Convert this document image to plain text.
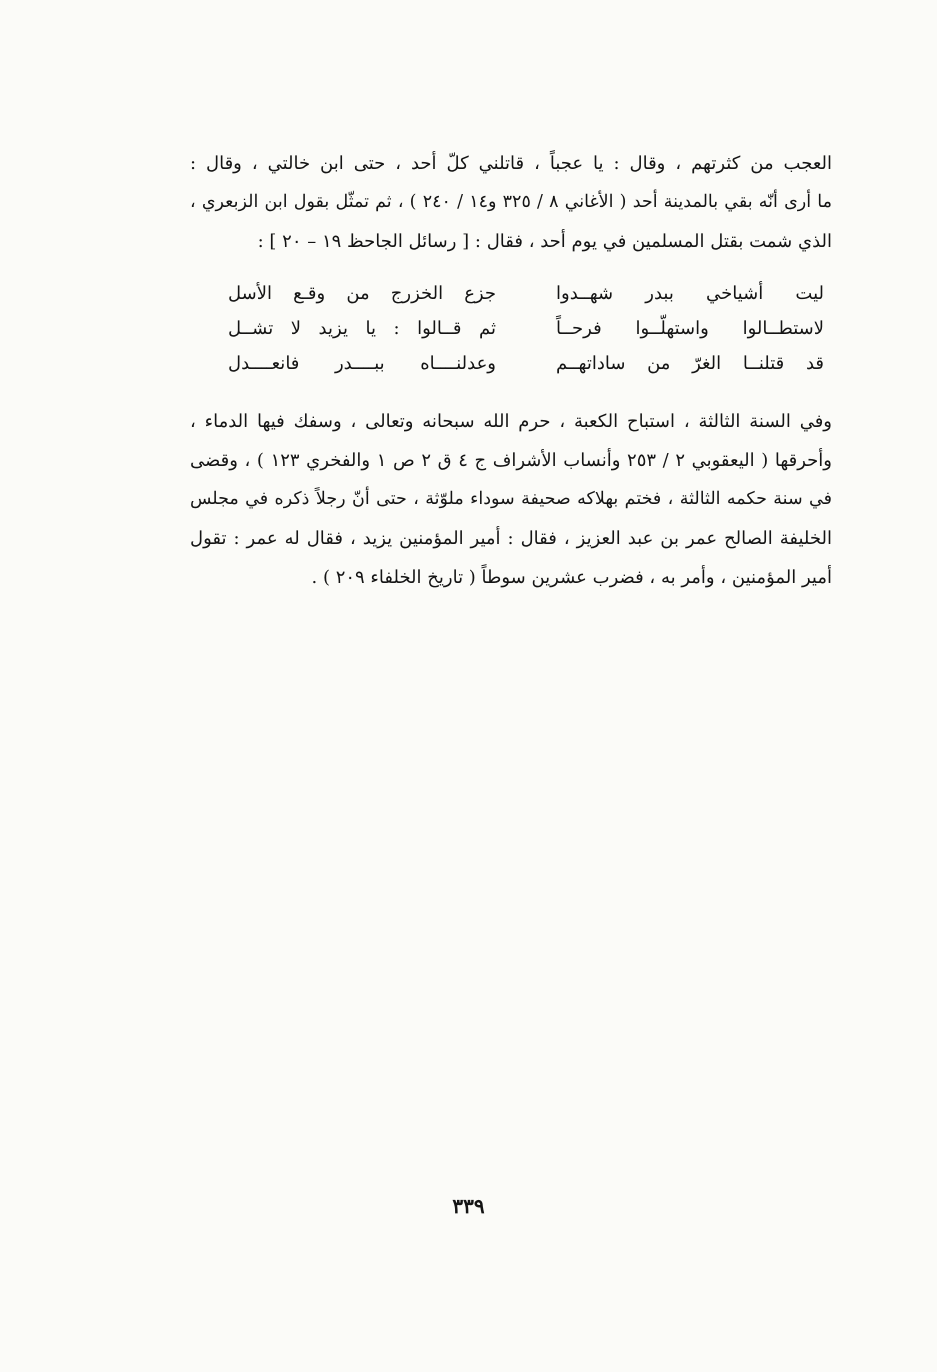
العجب من كثرتهم ، وقال : يا عجباً ، قاتلني كلّ أحد ، حتى ابن خالتي ، وقال :
ما أرى أنّه بقي بالمدينة أحد ( الأغاني ٨ / ٣٢٥ و١٤ / ٢٤٠ ) ، ثم تمثّل بقول ابن الزبعري ،
الذي شمت بقتل المسلمين في يوم أحد ، فقال : [ رسائل الجاحظ ١٩ – ٢٠ ] :
ليت أشياخي ببدر شهــدوا
جزع الخزرج من وقـع الأسل
لاستطــالوا واستهلّــوا فرحــاً
ثم قــالوا : يا يزيد لا تشــل
قد قتلنــا الغرّ من ساداتهــم
وعدلنــــاه ببــــدر فانعــــدل
وفي السنة الثالثة ، استباح الكعبة ، حرم الله سبحانه وتعالى ، وسفك فيها الدماء ،
وأحرقها ( اليعقوبي ٢ / ٢٥٣ وأنساب الأشراف ج ٤ ق ٢ ص ١ والفخري ١٢٣ ) ، وقضى
في سنة حكمه الثالثة ، فختم بهلاكه صحيفة سوداء ملوّثة ، حتى أنّ رجلاً ذكره في مجلس
الخليفة الصالح عمر بن عبد العزيز ، فقال : أمير المؤمنين يزيد ، فقال له عمر : تقول
أمير المؤمنين ، وأمر به ، فضرب عشرين سوطاً ( تاريخ الخلفاء ٢٠٩ ) .
٣٣٩
